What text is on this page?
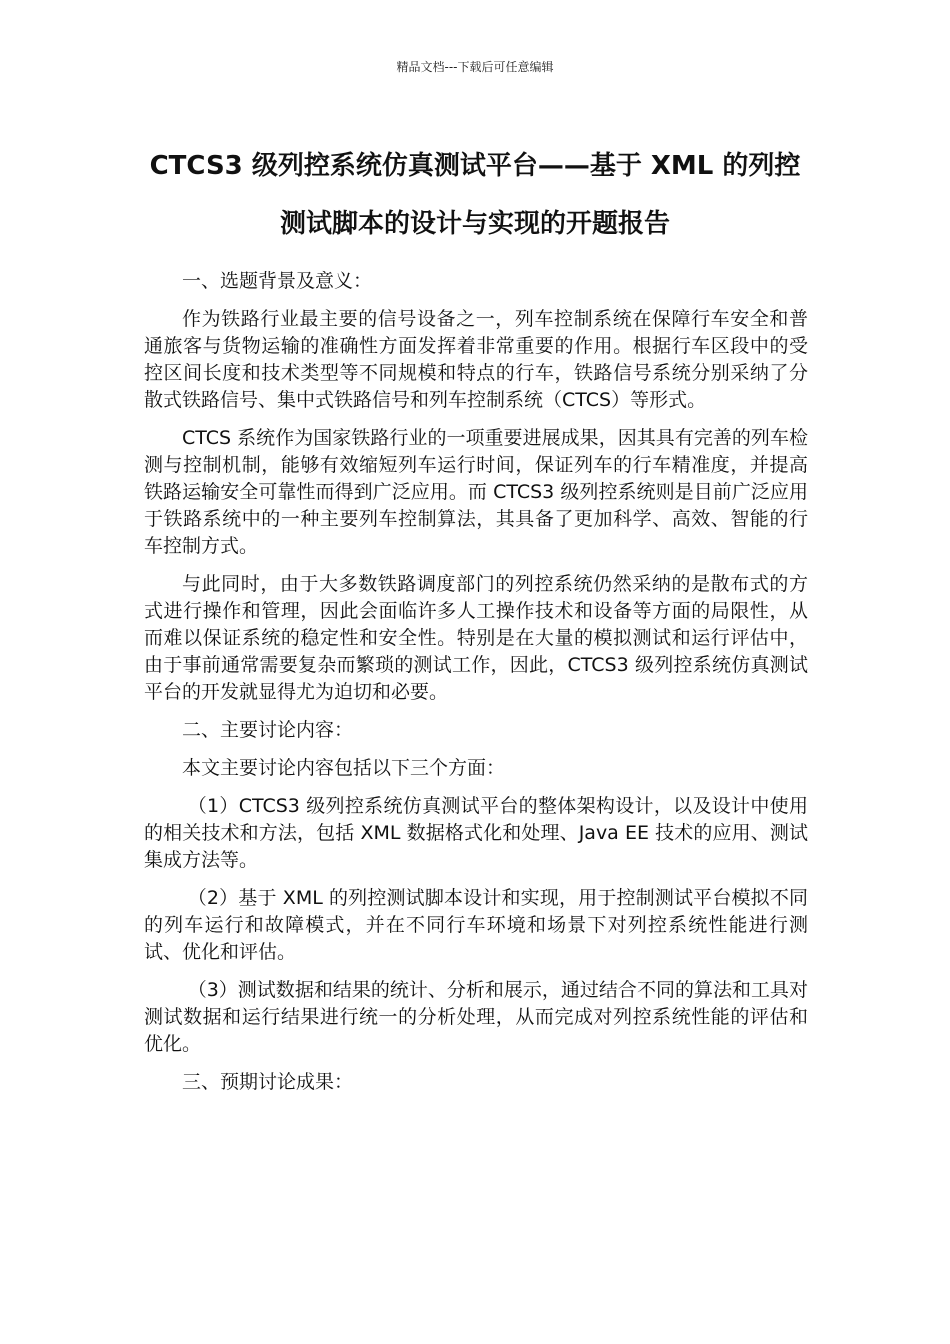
精品文档---下载后可任意编辑
CTCS3 级列控系统仿真测试平台——基于 XML 的列控测试脚本的设计与实现的开题报告

一、选题背景及意义：

作为铁路行业最主要的信号设备之一，列车控制系统在保障行车安全和普通旅客与货物运输的准确性方面发挥着非常重要的作用。根据行车区段中的受控区间长度和技术类型等不同规模和特点的行车，铁路信号系统分别采纳了分散式铁路信号、集中式铁路信号和列车控制系统（CTCS）等形式。

CTCS 系统作为国家铁路行业的一项重要进展成果，因其具有完善的列车检测与控制机制，能够有效缩短列车运行时间，保证列车的行车精准度，并提高铁路运输安全可靠性而得到广泛应用。而 CTCS3 级列控系统则是目前广泛应用于铁路系统中的一种主要列车控制算法，其具备了更加科学、高效、智能的行车控制方式。

与此同时，由于大多数铁路调度部门的列控系统仍然采纳的是散布式的方式进行操作和管理，因此会面临许多人工操作技术和设备等方面的局限性，从而难以保证系统的稳定性和安全性。特别是在大量的模拟测试和运行评估中，由于事前通常需要复杂而繁琐的测试工作，因此，CTCS3 级列控系统仿真测试平台的开发就显得尤为迫切和必要。

二、主要讨论内容：

本文主要讨论内容包括以下三个方面：

（1）CTCS3 级列控系统仿真测试平台的整体架构设计，以及设计中使用的相关技术和方法，包括 XML 数据格式化和处理、Java EE 技术的应用、测试集成方法等。

（2）基于 XML 的列控测试脚本设计和实现，用于控制测试平台模拟不同的列车运行和故障模式，并在不同行车环境和场景下对列控系统性能进行测试、优化和评估。

（3）测试数据和结果的统计、分析和展示，通过结合不同的算法和工具对测试数据和运行结果进行统一的分析处理，从而完成对列控系统性能的评估和优化。

三、预期讨论成果：
